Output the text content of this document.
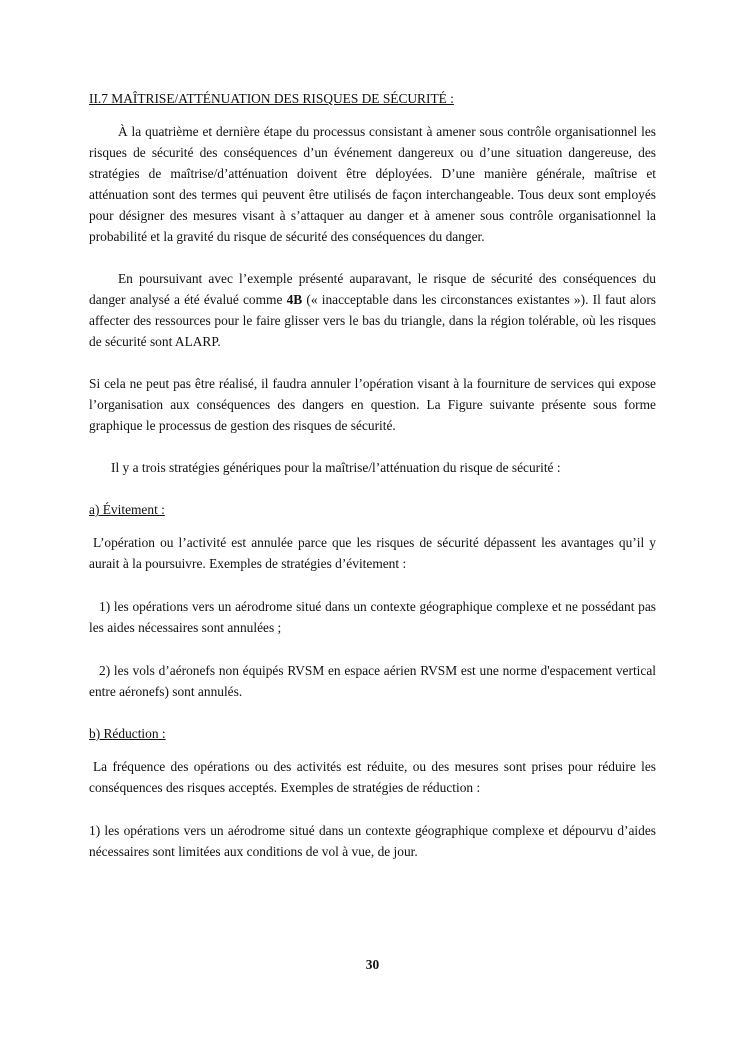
II.7 MAÎTRISE/ATTÉNUATION DES RISQUES DE SÉCURITÉ :

À la quatrième et dernière étape du processus consistant à amener sous contrôle organisationnel les risques de sécurité des conséquences d’un événement dangereux ou d’une situation dangereuse, des stratégies de maîtrise/d’atténuation doivent être déployées. D’une manière générale, maîtrise et atténuation sont des termes qui peuvent être utilisés de façon interchangeable. Tous deux sont employés pour désigner des mesures visant à s’attaquer au danger et à amener sous contrôle organisationnel la probabilité et la gravité du risque de sécurité des conséquences du danger.

En poursuivant avec l’exemple présenté auparavant, le risque de sécurité des conséquences du danger analysé a été évalué comme 4B (« inacceptable dans les circonstances existantes »). Il faut alors affecter des ressources pour le faire glisser vers le bas du triangle, dans la région tolérable, où les risques de sécurité sont ALARP.

Si cela ne peut pas être réalisé, il faudra annuler l’opération visant à la fourniture de services qui expose l’organisation aux conséquences des dangers en question. La Figure suivante présente sous forme graphique le processus de gestion des risques de sécurité.

Il y a trois stratégies génériques pour la maîtrise/l’atténuation du risque de sécurité :

a) Évitement :

L’opération ou l’activité est annulée parce que les risques de sécurité dépassent les avantages qu’il y aurait à la poursuivre. Exemples de stratégies d’évitement :

1) les opérations vers un aérodrome situé dans un contexte géographique complexe et ne possédant pas les aides nécessaires sont annulées ;

2) les vols d’aéronefs non équipés RVSM en espace aérien RVSM est une norme d'espacement vertical entre aéronefs) sont annulés.

b) Réduction :

La fréquence des opérations ou des activités est réduite, ou des mesures sont prises pour réduire les conséquences des risques acceptés. Exemples de stratégies de réduction :

1) les opérations vers un aérodrome situé dans un contexte géographique complexe et dépourvu d’aides nécessaires sont limitées aux conditions de vol à vue, de jour.

30
